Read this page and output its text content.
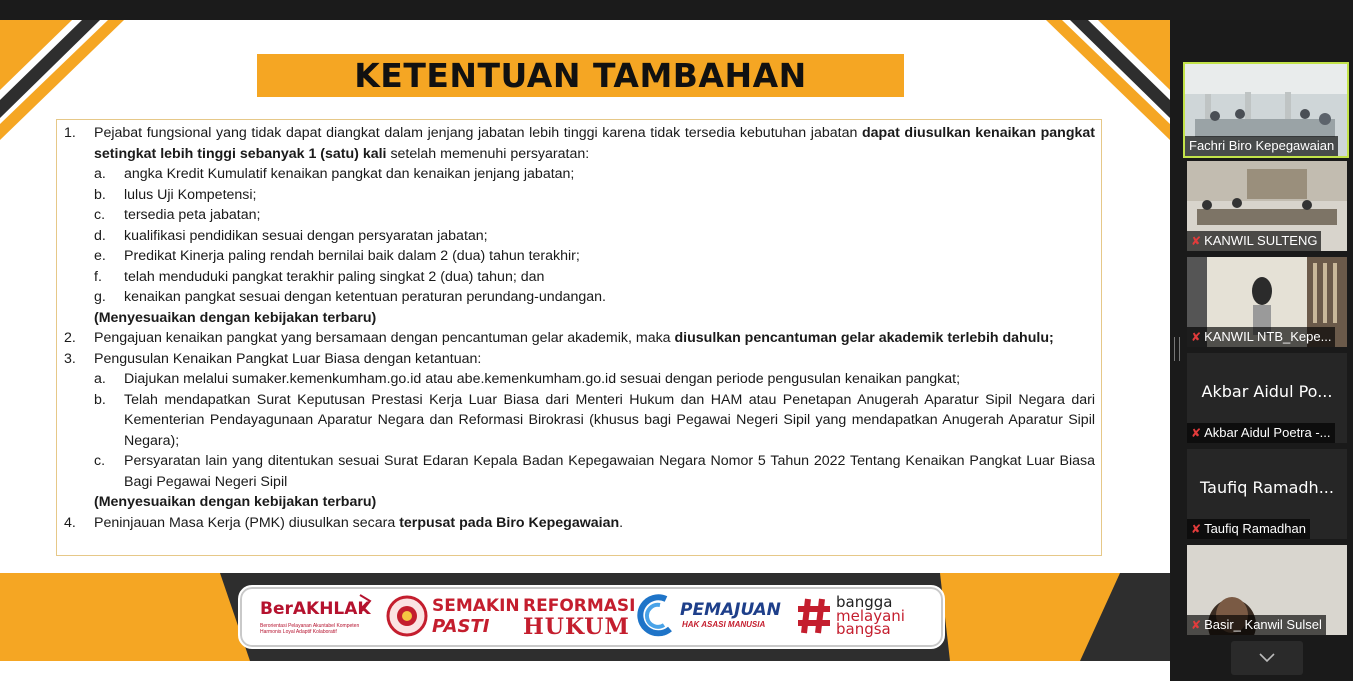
KETENTUAN TAMBAHAN
1. Pejabat fungsional yang tidak dapat diangkat dalam jenjang jabatan lebih tinggi karena tidak tersedia kebutuhan jabatan dapat diusulkan kenaikan pangkat setingkat lebih tinggi sebanyak 1 (satu) kali setelah memenuhi persyaratan:
a. angka Kredit Kumulatif kenaikan pangkat dan kenaikan jenjang jabatan;
b. lulus Uji Kompetensi;
c. tersedia peta jabatan;
d. kualifikasi pendidikan sesuai dengan persyaratan jabatan;
e. Predikat Kinerja paling rendah bernilai baik dalam 2 (dua) tahun terakhir;
f. telah menduduki pangkat terakhir paling singkat 2 (dua) tahun; dan
g. kenaikan pangkat sesuai dengan ketentuan peraturan perundang-undangan.
(Menyesuaikan dengan kebijakan terbaru)
2. Pengajuan kenaikan pangkat yang bersamaan dengan pencantuman gelar akademik, maka diusulkan pencantuman gelar akademik terlebih dahulu;
3. Pengusulan Kenaikan Pangkat Luar Biasa dengan ketantuan:
a. Diajukan melalui sumaker.kemenkumham.go.id atau abe.kemenkumham.go.id sesuai dengan periode pengusulan kenaikan pangkat;
b. Telah mendapatkan Surat Keputusan Prestasi Kerja Luar Biasa dari Menteri Hukum dan HAM atau Penetapan Anugerah Aparatur Sipil Negara dari Kementerian Pendayagunaan Aparatur Negara dan Reformasi Birokrasi (khusus bagi Pegawai Negeri Sipil yang mendapatkan Anugerah Aparatur Sipil Negara);
c. Persyaratan lain yang ditentukan sesuai Surat Edaran Kepala Badan Kepegawaian Negara Nomor 5 Tahun 2022 Tentang Kenaikan Pangkat Luar Biasa Bagi Pegawai Negeri Sipil
(Menyesuaikan dengan kebijakan terbaru)
4. Peninjauan Masa Kerja (PMK) diusulkan secara terpusat pada Biro Kepegawaian.
BerAKHLAK
Berorientasi Pelayanan Akuntabel Kompeten
Harmonis Loyal Adaptif Kolaboratif
SEMAKIN
PASTI
REFORMASI
HUKUM
PEMAJUAN
HAK ASASI MANUSIA
bangga
melayani
bangsa
Fachri Biro Kepegawaian
✘ KANWIL SULTENG
✘ KANWIL NTB_Kepe...
Akbar Aidul Po...
✘ Akbar Aidul Poetra -...
Taufiq Ramadh...
✘ Taufiq Ramadhan
✘ Basir_ Kanwil Sulsel
